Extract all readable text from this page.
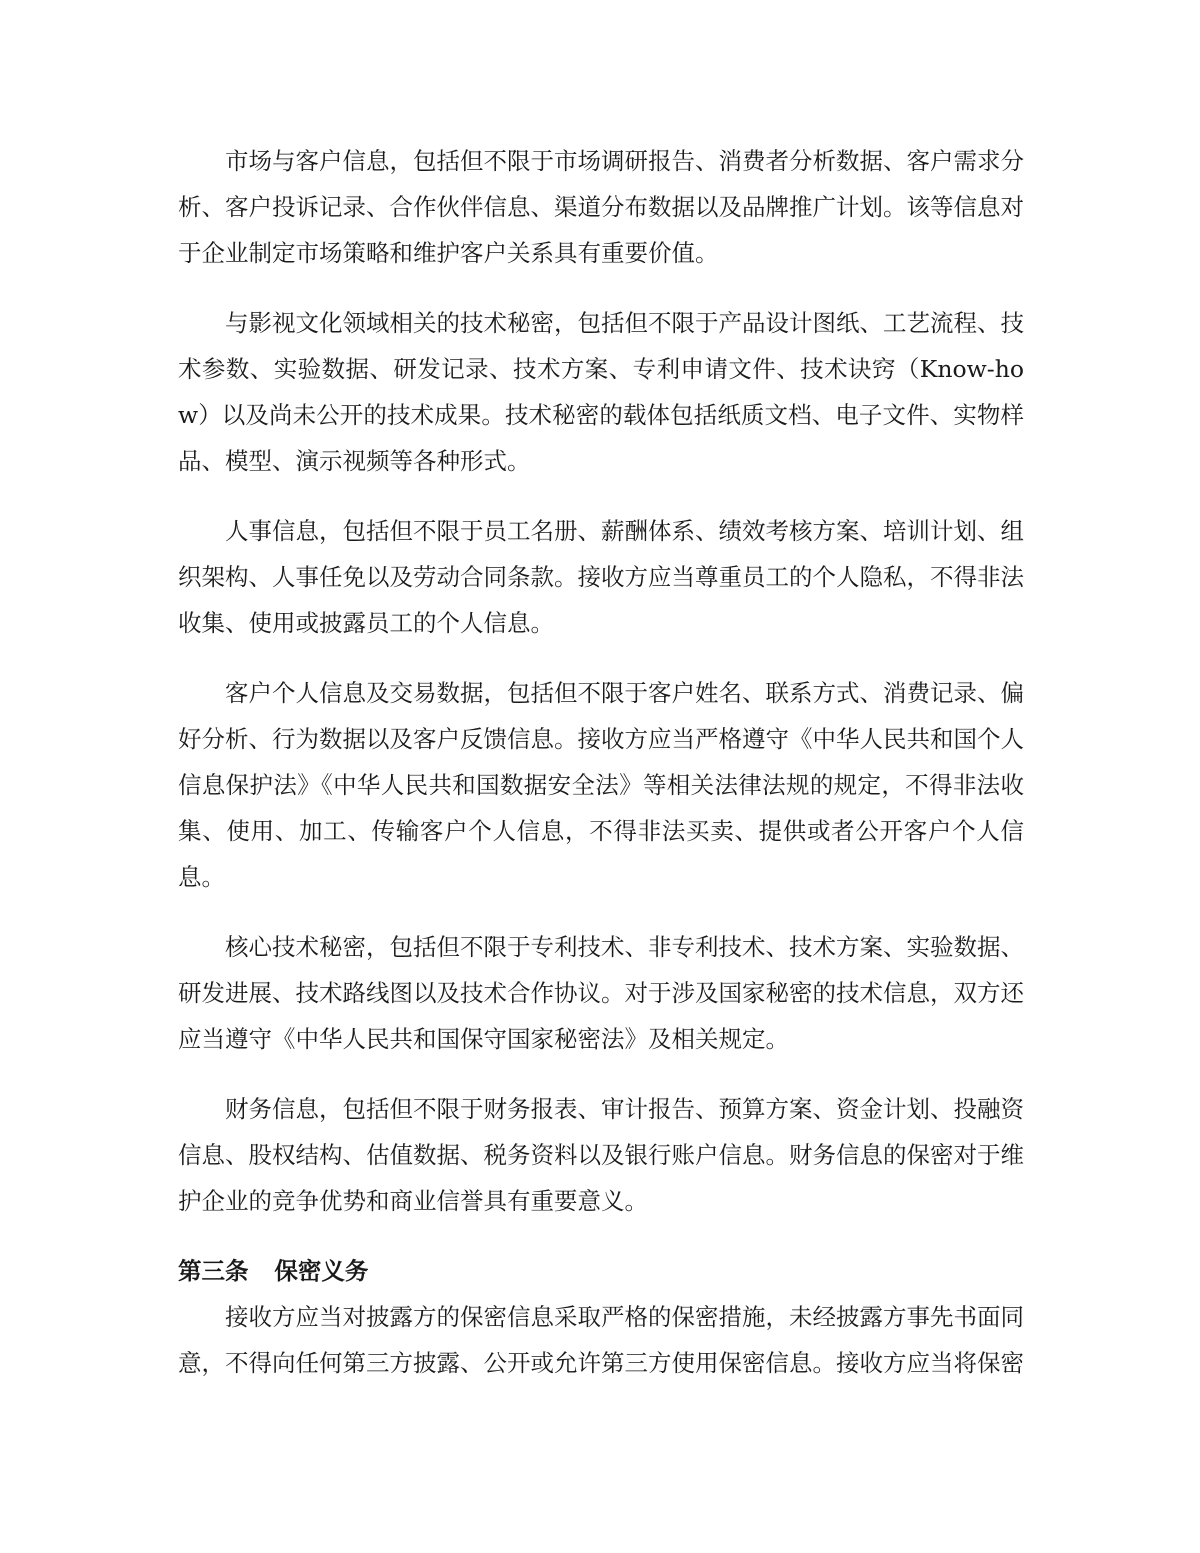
市场与客户信息，包括但不限于市场调研报告、消费者分析数据、客户需求分析、客户投诉记录、合作伙伴信息、渠道分布数据以及品牌推广计划。该等信息对于企业制定市场策略和维护客户关系具有重要价值。

与影视文化领域相关的技术秘密，包括但不限于产品设计图纸、工艺流程、技术参数、实验数据、研发记录、技术方案、专利申请文件、技术诀窍（Know-how）以及尚未公开的技术成果。技术秘密的载体包括纸质文档、电子文件、实物样品、模型、演示视频等各种形式。

人事信息，包括但不限于员工名册、薪酬体系、绩效考核方案、培训计划、组织架构、人事任免以及劳动合同条款。接收方应当尊重员工的个人隐私，不得非法收集、使用或披露员工的个人信息。

客户个人信息及交易数据，包括但不限于客户姓名、联系方式、消费记录、偏好分析、行为数据以及客户反馈信息。接收方应当严格遵守《中华人民共和国个人信息保护法》《中华人民共和国数据安全法》等相关法律法规的规定，不得非法收集、使用、加工、传输客户个人信息，不得非法买卖、提供或者公开客户个人信息。

核心技术秘密，包括但不限于专利技术、非专利技术、技术方案、实验数据、研发进展、技术路线图以及技术合作协议。对于涉及国家秘密的技术信息，双方还应当遵守《中华人民共和国保守国家秘密法》及相关规定。

财务信息，包括但不限于财务报表、审计报告、预算方案、资金计划、投融资信息、股权结构、估值数据、税务资料以及银行账户信息。财务信息的保密对于维护企业的竞争优势和商业信誉具有重要意义。

第三条 保密义务

接收方应当对披露方的保密信息采取严格的保密措施，未经披露方事先书面同意，不得向任何第三方披露、公开或允许第三方使用保密信息。接收方应当将保密
